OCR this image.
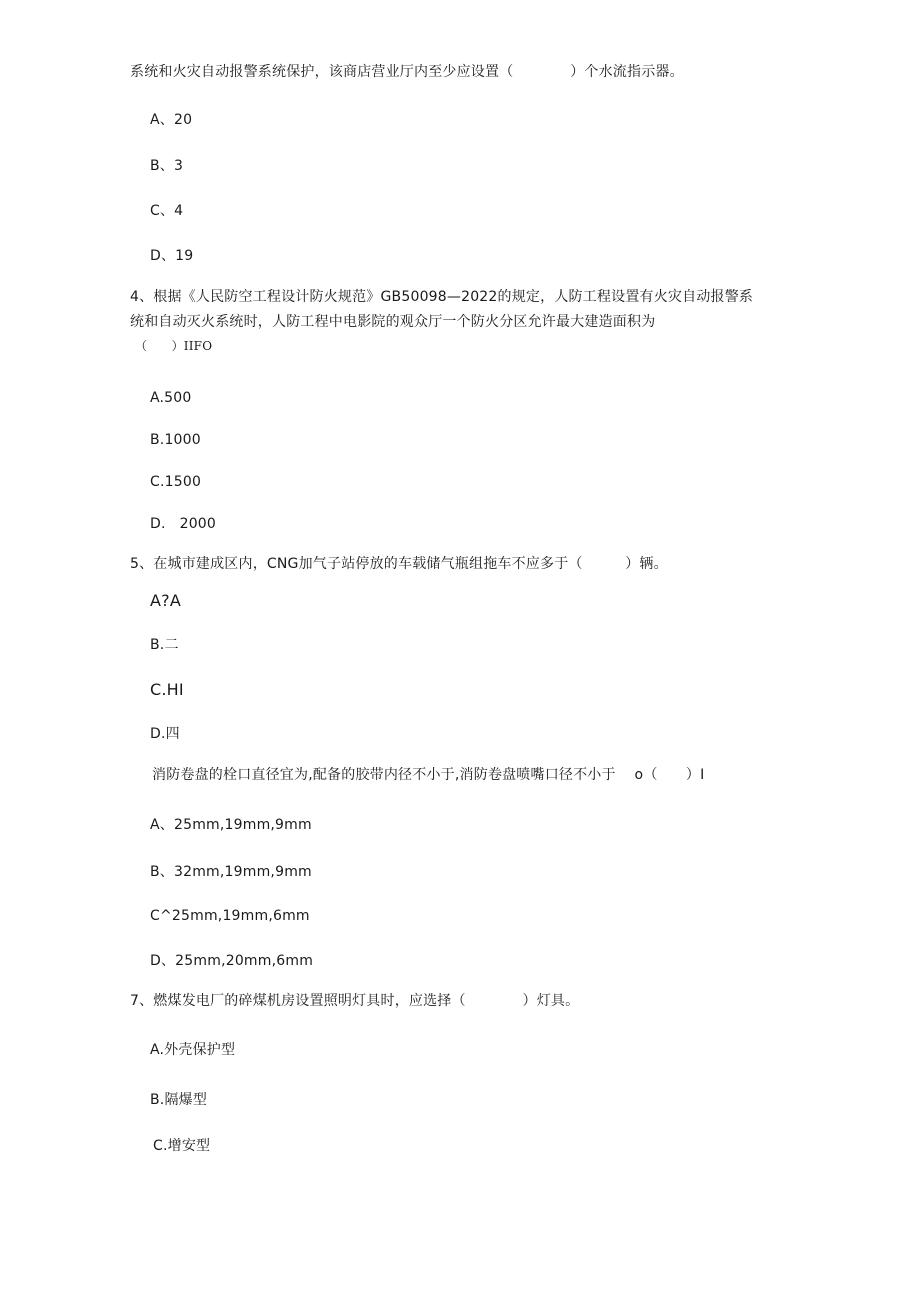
系统和火灾自动报警系统保护，该商店营业厅内至少应设置（　　　　）个水流指示器。
A、20
B、3
C、4
D、19
4、根据《人民防空工程设计防火规范》GB50098—2022的规定，人防工程设置有火灾自动报警系
统和自动灭火系统时，人防工程中电影院的观众厅一个防火分区允许最大建造面积为
（　　）IIFO
A.500
B.1000
C.1500
D.   2000
5、在城市建成区内，CNG加气子站停放的车载储气瓶组拖车不应多于（　　　）辆。
A?A
B.二
C.HI
D.四
消防卷盘的栓口直径宜为,配备的胶带内径不小于,消防卷盘喷嘴口径不小于　 o（　　）I
A、25mm,19mm,9mm
B、32mm,19mm,9mm
C^25mm,19mm,6mm
D、25mm,20mm,6mm
7、燃煤发电厂的碎煤机房设置照明灯具时，应选择（　　　　）灯具。
A.外壳保护型
B.隔爆型
C.增安型
